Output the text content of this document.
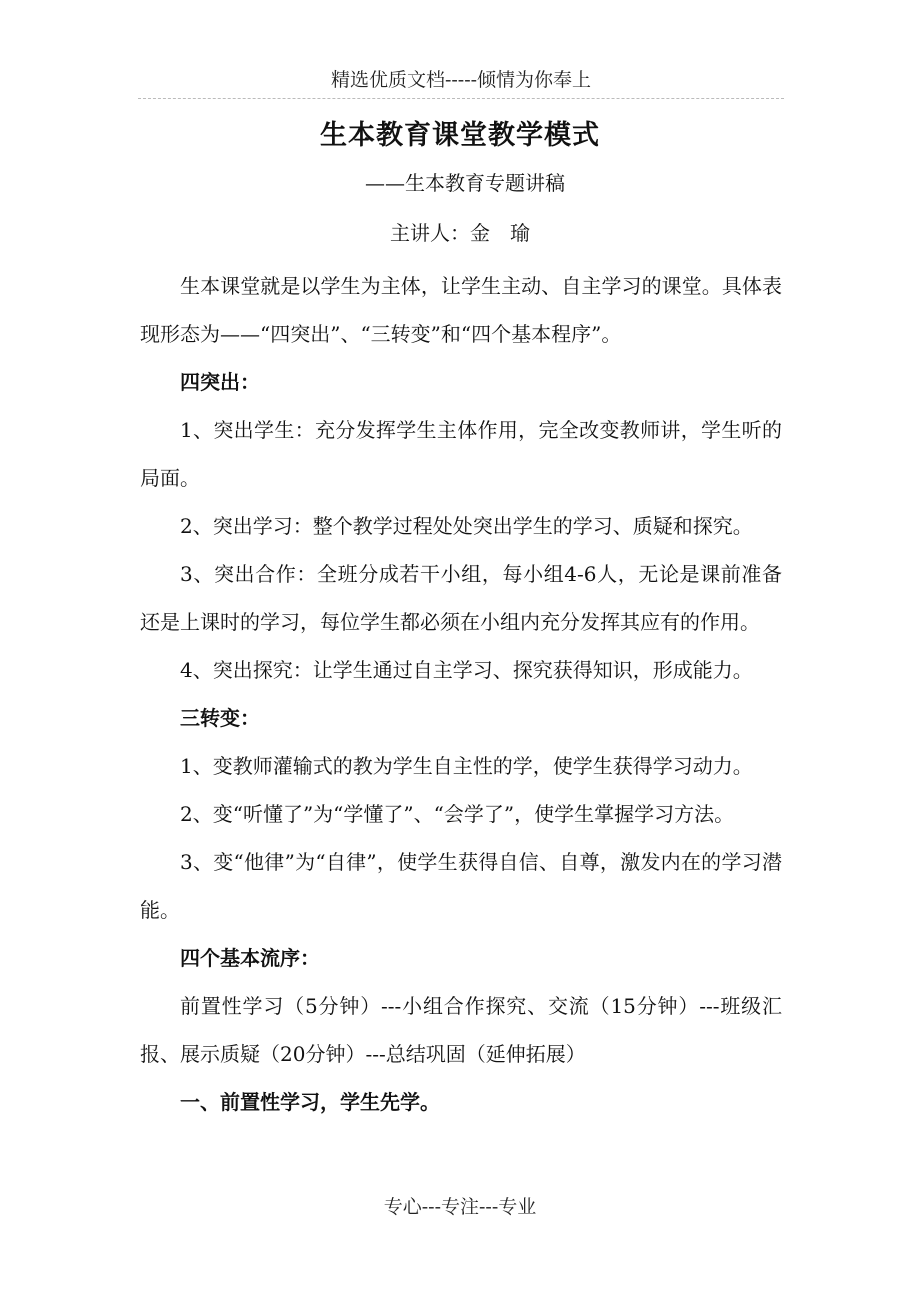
精选优质文档-----倾情为你奉上
生本教育课堂教学模式
——生本教育专题讲稿
主讲人：金　瑜

生本课堂就是以学生为主体，让学生主动、自主学习的课堂。具体表现形态为——“四突出”、“三转变”和“四个基本程序”。

四突出：

1、突出学生：充分发挥学生主体作用，完全改变教师讲，学生听的局面。

2、突出学习：整个教学过程处处突出学生的学习、质疑和探究。

3、突出合作：全班分成若干小组，每小组4-6人，无论是课前准备还是上课时的学习，每位学生都必须在小组内充分发挥其应有的作用。

4、突出探究：让学生通过自主学习、探究获得知识，形成能力。

三转变：

1、变教师灌输式的教为学生自主性的学，使学生获得学习动力。

2、变“听懂了”为“学懂了”、“会学了”，使学生掌握学习方法。

3、变“他律”为“自律”，使学生获得自信、自尊，激发内在的学习潜能。

四个基本流序：

前置性学习（5分钟）---小组合作探究、交流（15分钟）---班级汇报、展示质疑（20分钟）---总结巩固（延伸拓展）

一、前置性学习，学生先学。

专心---专注---专业
